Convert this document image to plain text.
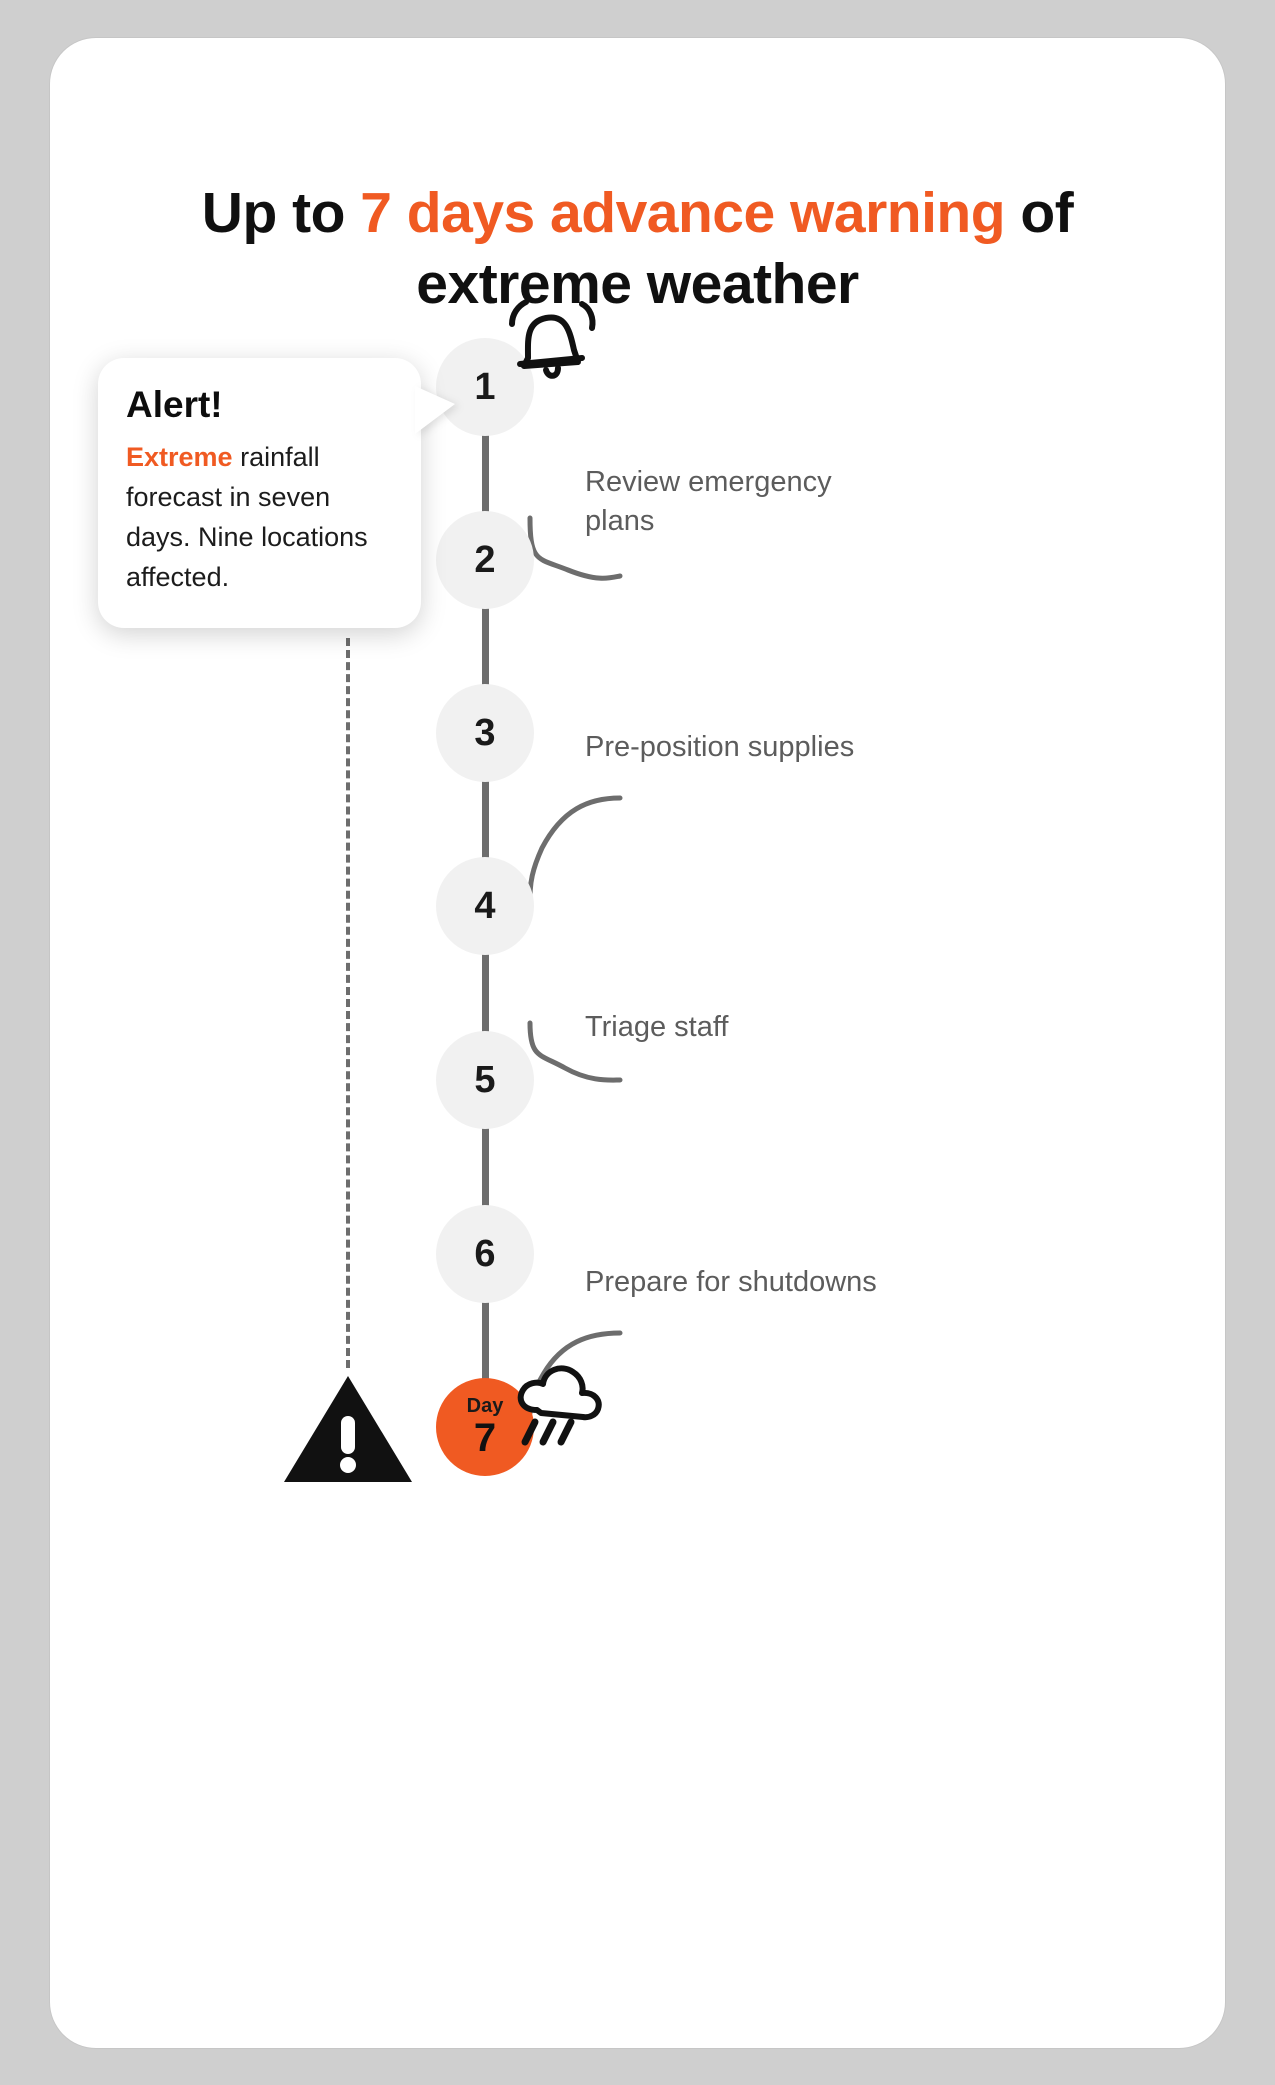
Up to 7 days advance warning of extreme weather
1
2
3
4
5
6
Day
7
Review emergency plans
Pre-position supplies
Triage staff
Prepare for shutdowns
Alert!

Extreme rainfall forecast in seven days. Nine locations affected.
